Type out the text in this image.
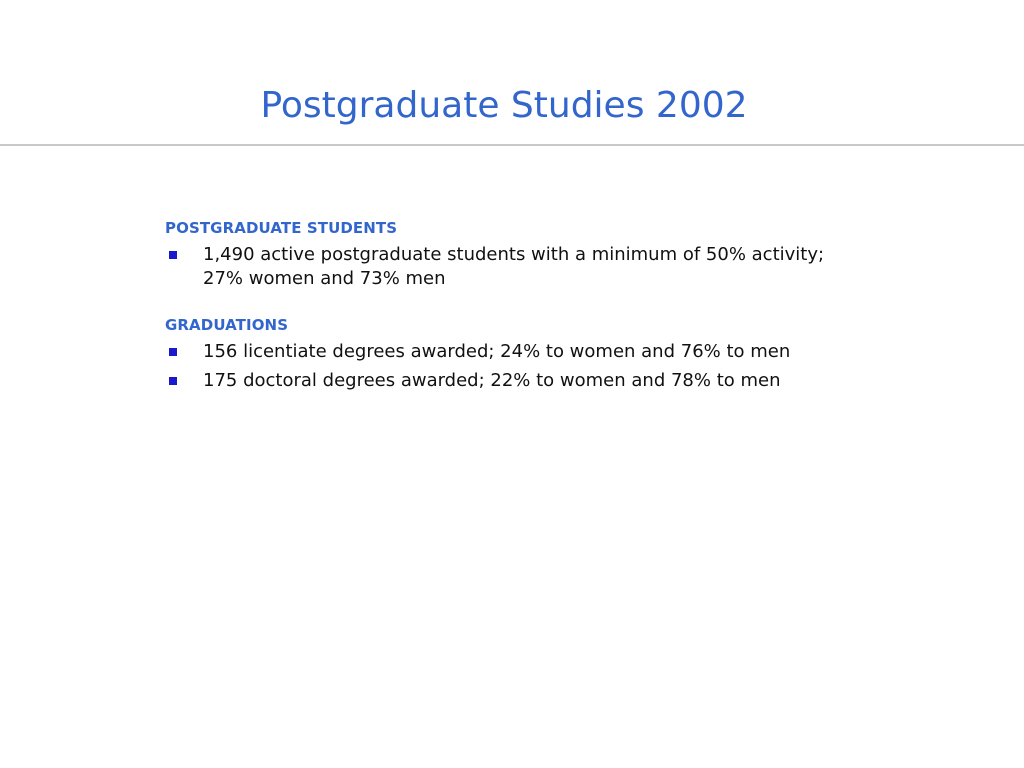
Postgraduate Studies 2002
POSTGRADUATE STUDENTS
1,490 active postgraduate students with a minimum of 50% activity; 27% women and 73% men
GRADUATIONS
156 licentiate degrees awarded; 24% to women and 76% to men
175 doctoral degrees awarded; 22% to women and 78% to men
